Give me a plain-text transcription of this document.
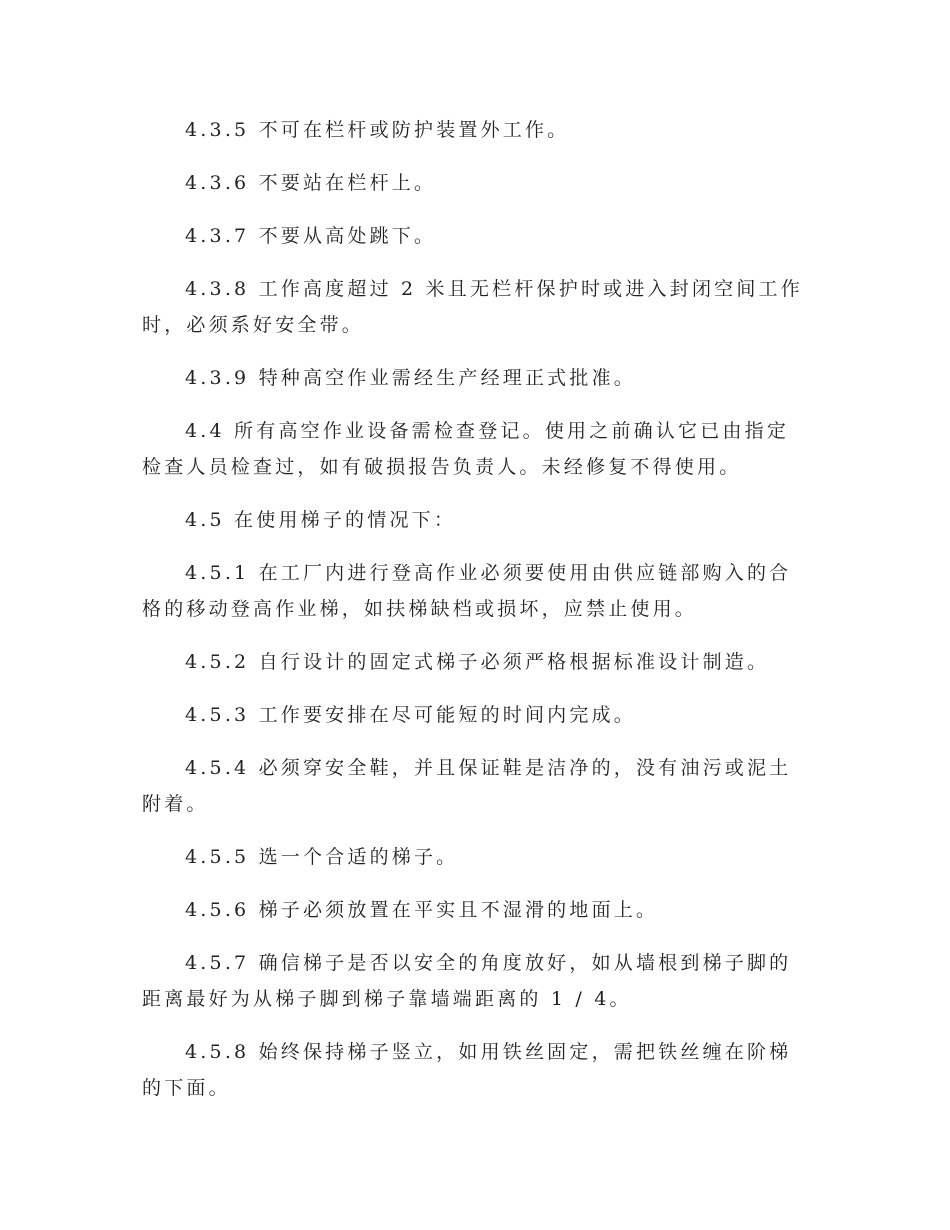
4.3.5 不可在栏杆或防护装置外工作。

4.3.6 不要站在栏杆上。

4.3.7 不要从高处跳下。

4.3.8 工作高度超过 2 米且无栏杆保护时或进入封闭空间工作时，必须系好安全带。

4.3.9 特种高空作业需经生产经理正式批准。

4.4 所有高空作业设备需检查登记。使用之前确认它已由指定检查人员检查过，如有破损报告负责人。未经修复不得使用。

4.5 在使用梯子的情况下：

4.5.1 在工厂内进行登高作业必须要使用由供应链部购入的合格的移动登高作业梯，如扶梯缺档或损坏，应禁止使用。

4.5.2 自行设计的固定式梯子必须严格根据标准设计制造。

4.5.3 工作要安排在尽可能短的时间内完成。

4.5.4 必须穿安全鞋，并且保证鞋是洁净的，没有油污或泥土附着。

4.5.5 选一个合适的梯子。

4.5.6 梯子必须放置在平实且不湿滑的地面上。

4.5.7 确信梯子是否以安全的角度放好，如从墙根到梯子脚的距离最好为从梯子脚到梯子靠墙端距离的 1 / 4。

4.5.8 始终保持梯子竖立，如用铁丝固定，需把铁丝缠在阶梯的下面。
